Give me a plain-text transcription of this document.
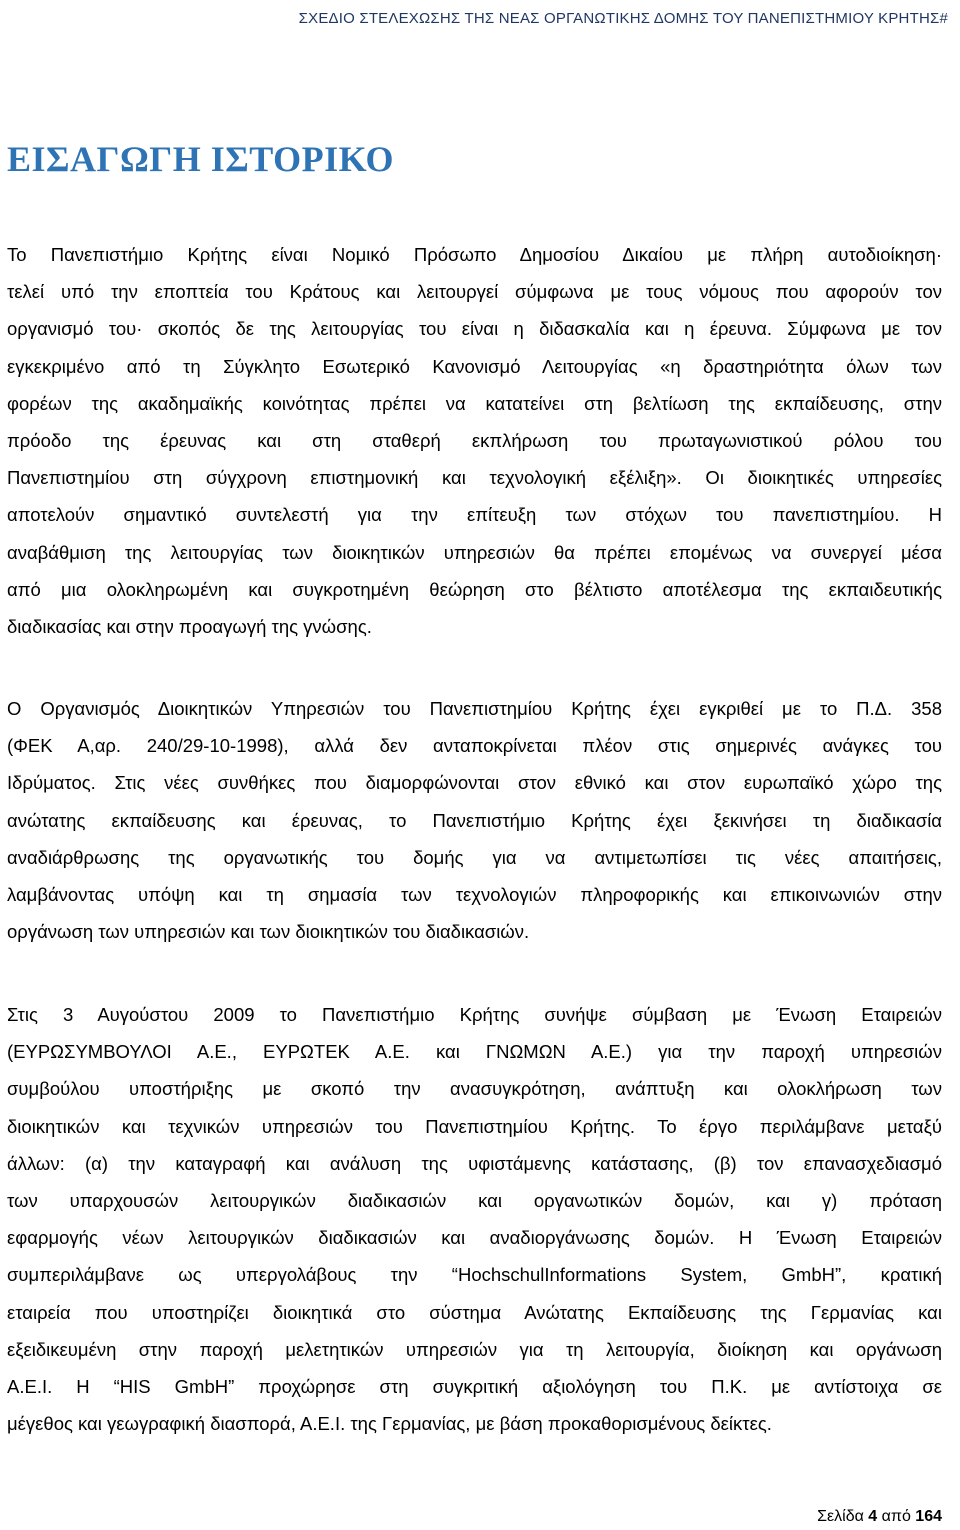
ΣΧΕΔΙΟ ΣΤΕΛΕΧΩΣΗΣ ΤΗΣ ΝΕΑΣ ΟΡΓΑΝΩΤΙΚΗΣ ΔΟΜΗΣ ΤΟΥ ΠΑΝΕΠΙΣΤΗΜΙΟΥ ΚΡΗΤΗΣ#
ΕΙΣΑΓΩΓΗ ΙΣΤΟΡΙΚΟ
Το Πανεπιστήμιο Κρήτης είναι Νομικό Πρόσωπο Δημοσίου Δικαίου με πλήρη αυτοδιοίκηση·
τελεί υπό την εποπτεία του Κράτους και λειτουργεί σύμφωνα με τους νόμους που αφορούν τον
οργανισμό του· σκοπός δε της λειτουργίας του είναι η διδασκαλία και η έρευνα. Σύμφωνα με τον
εγκεκριμένο από τη Σύγκλητο Εσωτερικό Κανονισμό Λειτουργίας «η δραστηριότητα όλων των
φορέων της ακαδημαϊκής κοινότητας πρέπει να κατατείνει στη βελτίωση της εκπαίδευσης, στην
πρόοδο της έρευνας και στη σταθερή εκπλήρωση του πρωταγωνιστικού ρόλου του
Πανεπιστημίου στη σύγχρονη επιστημονική και τεχνολογική εξέλιξη». Οι διοικητικές υπηρεσίες
αποτελούν σημαντικό συντελεστή για την επίτευξη των στόχων του πανεπιστημίου. Η
αναβάθμιση της λειτουργίας των διοικητικών υπηρεσιών θα πρέπει επομένως να συνεργεί μέσα
από μια ολοκληρωμένη και συγκροτημένη θεώρηση στο βέλτιστο αποτέλεσμα της εκπαιδευτικής
διαδικασίας και στην προαγωγή της γνώσης.
Ο Οργανισμός Διοικητικών Υπηρεσιών του Πανεπιστημίου Κρήτης έχει εγκριθεί με το Π.Δ. 358
(ΦΕΚ Α,αρ. 240/29-10-1998), αλλά δεν ανταποκρίνεται πλέον στις σημερινές ανάγκες του
Ιδρύματος. Στις νέες συνθήκες που διαμορφώνονται στον εθνικό και στον ευρωπαϊκό χώρο της
ανώτατης εκπαίδευσης και έρευνας, το Πανεπιστήμιο Κρήτης έχει ξεκινήσει τη διαδικασία
αναδιάρθρωσης της οργανωτικής του δομής για να αντιμετωπίσει τις νέες απαιτήσεις,
λαμβάνοντας υπόψη και τη σημασία των τεχνολογιών πληροφορικής και επικοινωνιών στην
οργάνωση των υπηρεσιών και των διοικητικών του διαδικασιών.
Στις 3 Αυγούστου 2009 το Πανεπιστήμιο Κρήτης συνήψε σύμβαση με Ένωση Εταιρειών
(ΕΥΡΩΣΥΜΒΟΥΛΟΙ Α.Ε., ΕΥΡΩΤΕΚ Α.Ε. και ΓΝΩΜΩΝ Α.Ε.) για την παροχή υπηρεσιών
συμβούλου υποστήριξης με σκοπό την ανασυγκρότηση, ανάπτυξη και ολοκλήρωση των
διοικητικών και τεχνικών υπηρεσιών του Πανεπιστημίου Κρήτης. Το έργο περιλάμβανε μεταξύ
άλλων: (α) την καταγραφή και ανάλυση της υφιστάμενης κατάστασης, (β) τον επανασχεδιασμό
των υπαρχουσών λειτουργικών διαδικασιών και οργανωτικών δομών, και γ) πρόταση
εφαρμογής νέων λειτουργικών διαδικασιών και αναδιοργάνωσης δομών. Η Ένωση Εταιρειών
συμπεριλάμβανε ως υπεργολάβους την “HochschulInformations System, GmbH”, κρατική
εταιρεία που υποστηρίζει διοικητικά στο σύστημα Ανώτατης Εκπαίδευσης της Γερμανίας και
εξειδικευμένη στην παροχή μελετητικών υπηρεσιών για τη λειτουργία, διοίκηση και οργάνωση
Α.Ε.Ι. Η “HIS GmbH” προχώρησε στη συγκριτική αξιολόγηση του Π.Κ. με αντίστοιχα σε
μέγεθος και γεωγραφική διασπορά, Α.Ε.Ι. της Γερμανίας, με βάση προκαθορισμένους δείκτες.
Σελίδα 4 από 164
